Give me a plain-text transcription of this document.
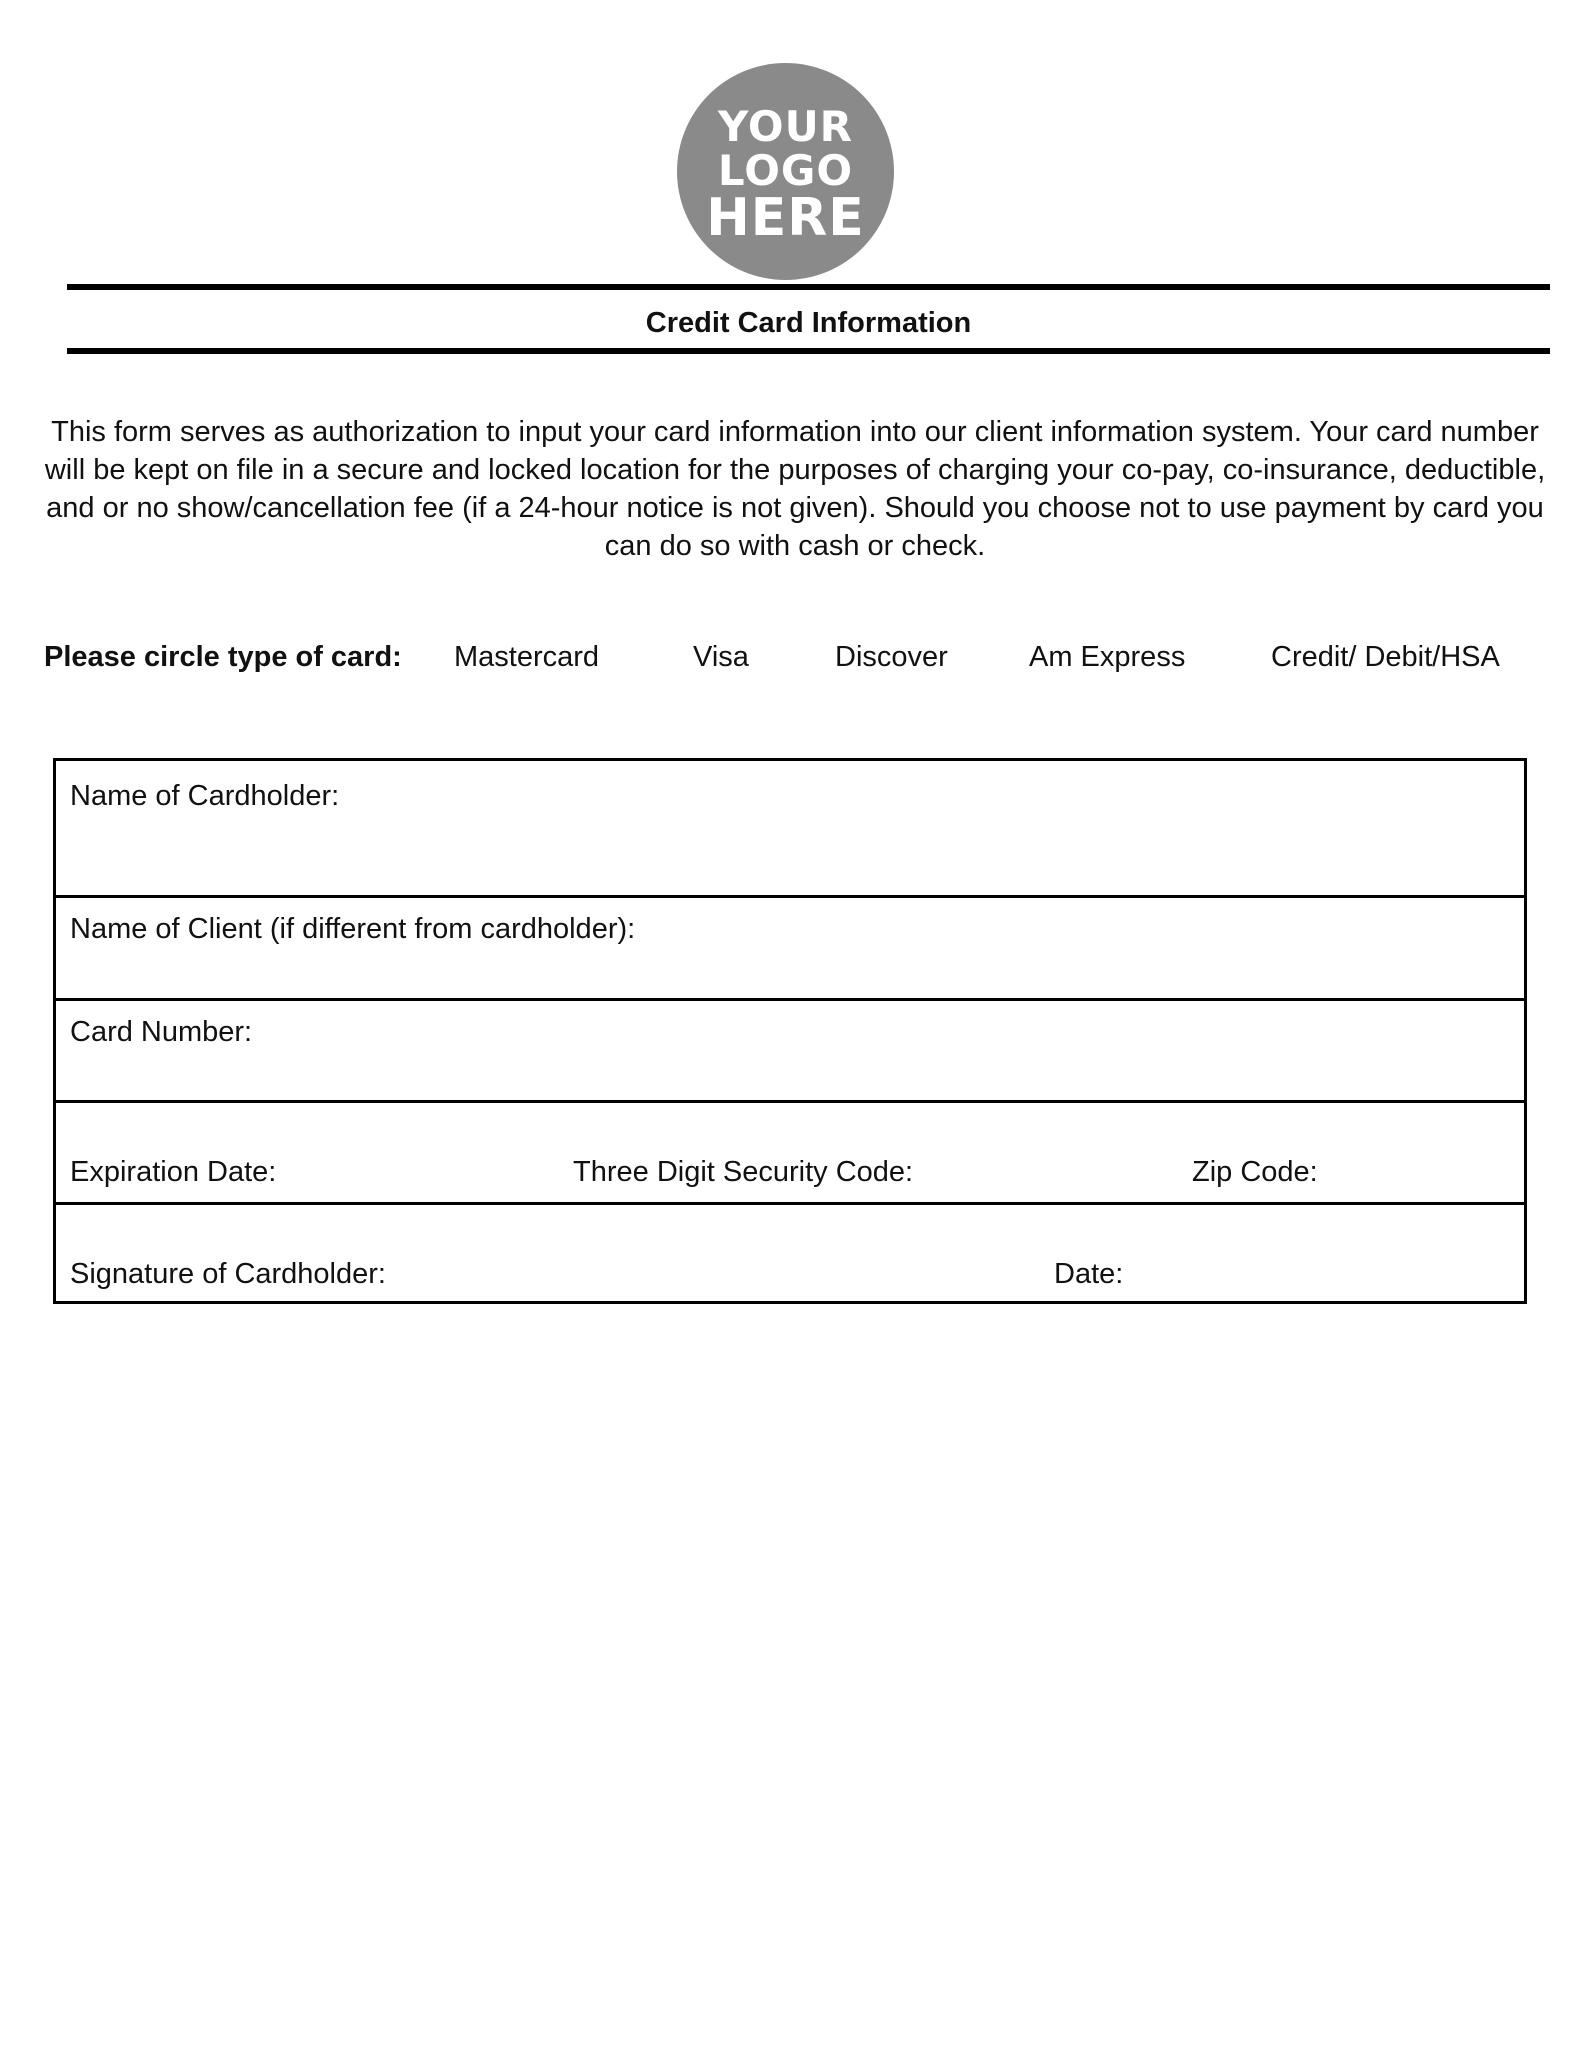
YOUR
LOGO
HERE
Credit Card Information
This form serves as authorization to input your card information into our client information system. Your card number will be kept on file in a secure and locked location for the purposes of charging your co-pay, co-insurance, deductible, and or no show/cancellation fee (if a 24-hour notice is not given). Should you choose not to use payment by card you can do so with cash or check.
Please circle type of card: Mastercard	Visa	Discover	Am Express	Credit/ Debit/HSA
Name of Cardholder:
Name of Client (if different from cardholder):
Card Number:
Expiration Date:	Three Digit Security Code:	Zip Code:
Signature of Cardholder:	Date:
